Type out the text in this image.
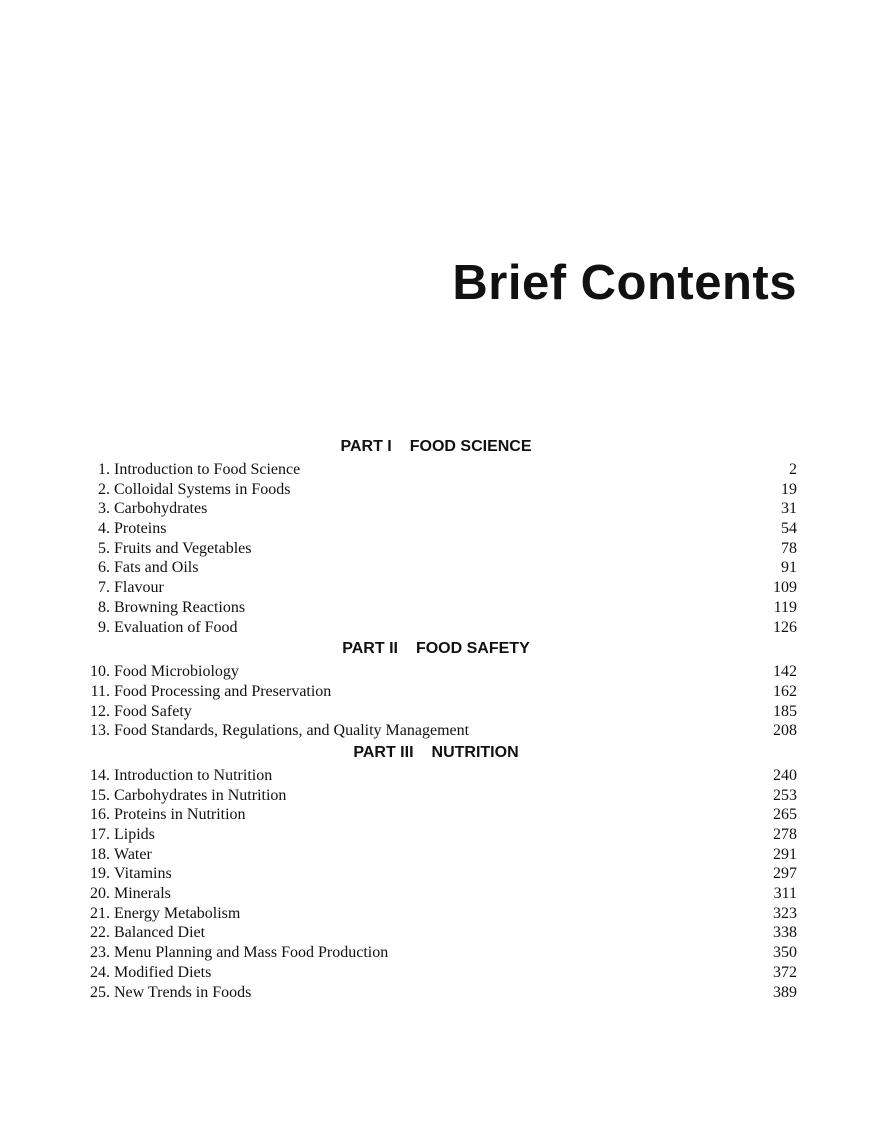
Brief Contents
PART I FOOD SCIENCE
1. Introduction to Food Science	2
2. Colloidal Systems in Foods	19
3. Carbohydrates	31
4. Proteins	54
5. Fruits and Vegetables	78
6. Fats and Oils	91
7. Flavour	109
8. Browning Reactions	119
9. Evaluation of Food	126
PART II FOOD SAFETY
10. Food Microbiology	142
11. Food Processing and Preservation	162
12. Food Safety	185
13. Food Standards, Regulations, and Quality Management	208
PART III NUTRITION
14. Introduction to Nutrition	240
15. Carbohydrates in Nutrition	253
16. Proteins in Nutrition	265
17. Lipids	278
18. Water	291
19. Vitamins	297
20. Minerals	311
21. Energy Metabolism	323
22. Balanced Diet	338
23. Menu Planning and Mass Food Production	350
24. Modified Diets	372
25. New Trends in Foods	389
